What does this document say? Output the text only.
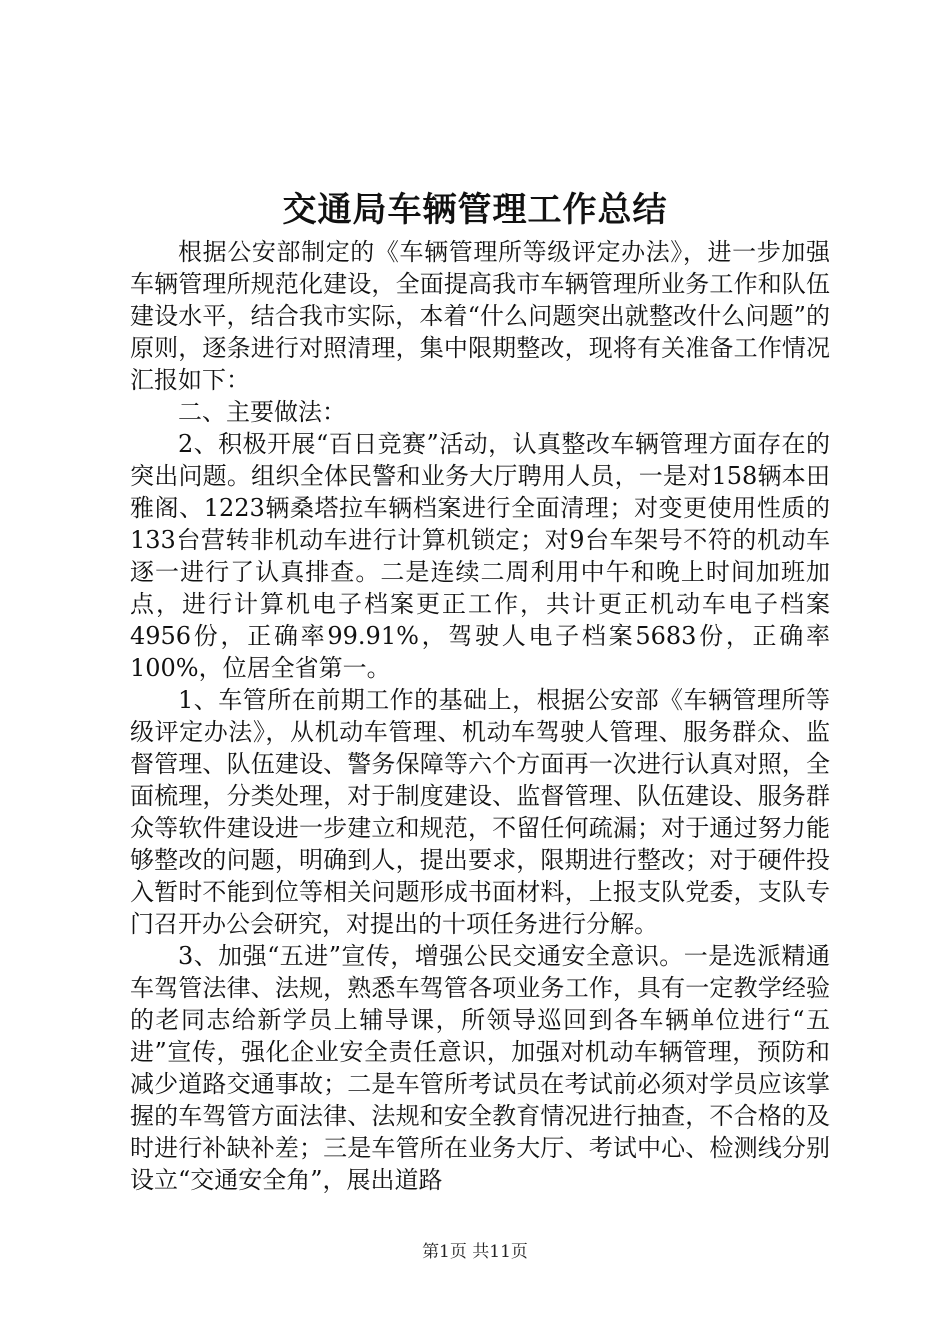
交通局车辆管理工作总结

根据公安部制定的《车辆管理所等级评定办法》，进一步加强车辆管理所规范化建设，全面提高我市车辆管理所业务工作和队伍建设水平，结合我市实际，本着“什么问题突出就整改什么问题”的原则，逐条进行对照清理，集中限期整改，现将有关准备工作情况汇报如下：

二、主要做法：

2、积极开展“百日竞赛”活动，认真整改车辆管理方面存在的突出问题。组织全体民警和业务大厅聘用人员，一是对158辆本田雅阁、1223辆桑塔拉车辆档案进行全面清理；对变更使用性质的133台营转非机动车进行计算机锁定；对9台车架号不符的机动车逐一进行了认真排查。二是连续二周利用中午和晚上时间加班加点，进行计算机电子档案更正工作，共计更正机动车电子档案4956份，正确率99.91%，驾驶人电子档案5683份，正确率100%，位居全省第一。

1、车管所在前期工作的基础上，根据公安部《车辆管理所等级评定办法》，从机动车管理、机动车驾驶人管理、服务群众、监督管理、队伍建设、警务保障等六个方面再一次进行认真对照，全面梳理，分类处理，对于制度建设、监督管理、队伍建设、服务群众等软件建设进一步建立和规范，不留任何疏漏；对于通过努力能够整改的问题，明确到人，提出要求，限期进行整改；对于硬件投入暂时不能到位等相关问题形成书面材料，上报支队党委，支队专门召开办公会研究，对提出的十项任务进行分解。

3、加强“五进”宣传，增强公民交通安全意识。一是选派精通车驾管法律、法规，熟悉车驾管各项业务工作，具有一定教学经验的老同志给新学员上辅导课，所领导巡回到各车辆单位进行“五进”宣传，强化企业安全责任意识，加强对机动车辆管理，预防和减少道路交通事故；二是车管所考试员在考试前必须对学员应该掌握的车驾管方面法律、法规和安全教育情况进行抽查，不合格的及时进行补缺补差；三是车管所在业务大厅、考试中心、检测线分别设立“交通安全角”，展出道路

第1页 共11页
